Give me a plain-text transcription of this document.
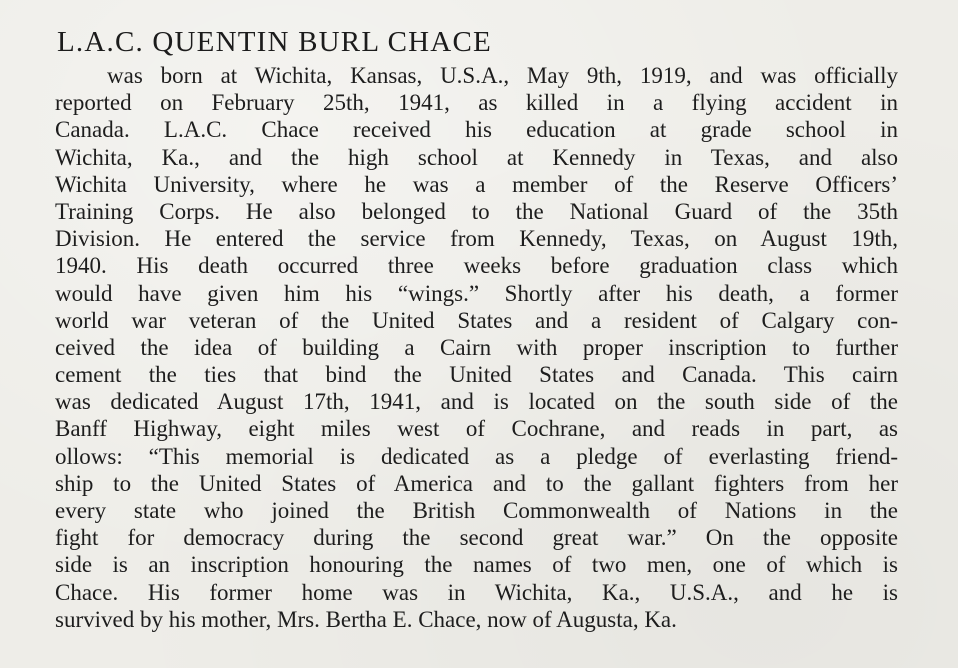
L.A.C. QUENTIN BURL CHACE
was born at Wichita, Kansas, U.S.A., May 9th, 1919, and was officially
reported on February 25th, 1941, as killed in a flying accident in
Canada. L.A.C. Chace received his education at grade school in
Wichita, Ka., and the high school at Kennedy in Texas, and also
Wichita University, where he was a member of the Reserve Officers’
Training Corps. He also belonged to the National Guard of the 35th
Division. He entered the service from Kennedy, Texas, on August 19th,
1940. His death occurred three weeks before graduation class which
would have given him his “wings.” Shortly after his death, a former
world war veteran of the United States and a resident of Calgary con-
ceived the idea of building a Cairn with proper inscription to further
cement the ties that bind the United States and Canada. This cairn
was dedicated August 17th, 1941, and is located on the south side of the
Banff Highway, eight miles west of Cochrane, and reads in part, as
ollows: “This memorial is dedicated as a pledge of everlasting friend-
ship to the United States of America and to the gallant fighters from her
every state who joined the British Commonwealth of Nations in the
fight for democracy during the second great war.” On the opposite
side is an inscription honouring the names of two men, one of which is
Chace. His former home was in Wichita, Ka., U.S.A., and he is
survived by his mother, Mrs. Bertha E. Chace, now of Augusta, Ka.
